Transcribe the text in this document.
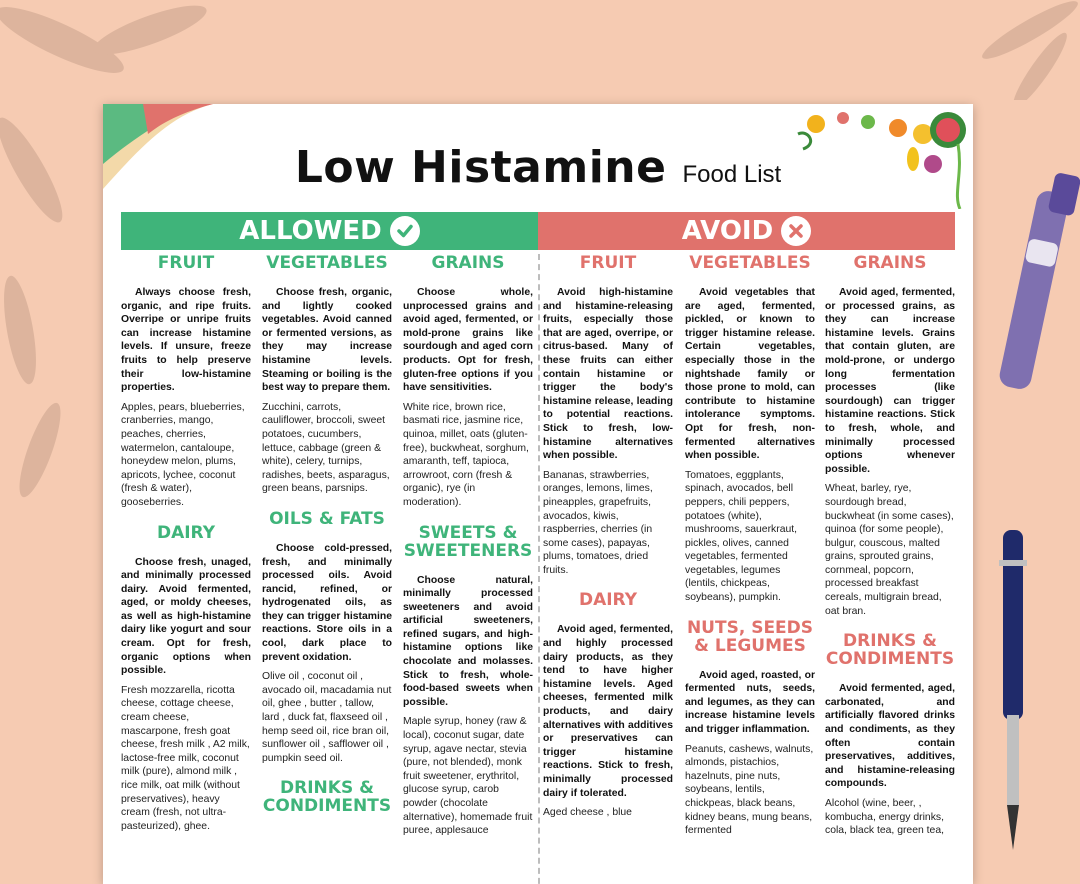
Low Histamine Food List
ALLOWED	AVOID
FRUIT

Always choose fresh, organic, and ripe fruits. Overripe or unripe fruits can increase histamine levels. If unsure, freeze fruits to help preserve their low-histamine properties.

Apples, pears, blueberries, cranberries, mango, peaches, cherries, watermelon, cantaloupe, honeydew melon, plums, apricots, lychee, coconut (fresh & water), gooseberries.

DAIRY

Choose fresh, unaged, and minimally processed dairy. Avoid fermented, aged, or moldy cheeses, as well as high-histamine dairy like yogurt and sour cream. Opt for fresh, organic options when possible.

Fresh mozzarella, ricotta cheese, cottage cheese, cream cheese, mascarpone, fresh goat cheese, fresh milk , A2 milk, lactose-free milk, coconut milk (pure), almond milk , rice milk, oat milk (without preservatives), heavy cream (fresh, not ultra-pasteurized), ghee.

VEGETABLES

Choose fresh, organic, and lightly cooked vegetables. Avoid canned or fermented versions, as they may increase histamine levels. Steaming or boiling is the best way to prepare them.

Zucchini, carrots, cauliflower, broccoli, sweet potatoes, cucumbers, lettuce, cabbage (green & white), celery, turnips, radishes, beets, asparagus, green beans, parsnips.

OILS & FATS

Choose cold-pressed, fresh, and minimally processed oils. Avoid rancid, refined, or hydrogenated oils, as they can trigger histamine reactions. Store oils in a cool, dark place to prevent oxidation.

Olive oil , coconut oil , avocado oil, macadamia nut oil, ghee , butter , tallow, lard , duck fat, flaxseed oil , hemp seed oil, rice bran oil, sunflower oil , safflower oil , pumpkin seed oil.

DRINKS & CONDIMENTS
GRAINS

Choose whole, unprocessed grains and avoid aged, fermented, or mold-prone grains like sourdough and aged corn products. Opt for fresh, gluten-free options if you have sensitivities.

White rice, brown rice, basmati rice, jasmine rice, quinoa, millet, oats (gluten-free), buckwheat, sorghum, amaranth, teff, tapioca, arrowroot, corn (fresh & organic), rye (in moderation).

SWEETS & SWEETENERS

Choose natural, minimally processed sweeteners and avoid artificial sweeteners, refined sugars, and high-histamine options like chocolate and molasses. Stick to fresh, whole-food-based sweets when possible.

Maple syrup, honey (raw & local), coconut sugar, date syrup, agave nectar, stevia (pure, not blended), monk fruit sweetener, erythritol, glucose syrup, carob powder (chocolate alternative), homemade fruit puree, applesauce

FRUIT

Avoid high-histamine and histamine-releasing fruits, especially those that are aged, overripe, or citrus-based. Many of these fruits can either contain histamine or trigger the body's histamine release, leading to potential reactions. Stick to fresh, low-histamine alternatives when possible.

Bananas, strawberries, oranges, lemons, limes, pineapples, grapefruits, avocados, kiwis, raspberries, cherries (in some cases), papayas, plums, tomatoes, dried fruits.

DAIRY

Avoid aged, fermented, and highly processed dairy products, as they tend to have higher histamine levels. Aged cheeses, fermented milk products, and dairy alternatives with additives or preservatives can trigger histamine reactions. Stick to fresh, minimally processed dairy if tolerated.

Aged cheese , blue

VEGETABLES

Avoid vegetables that are aged, fermented, pickled, or known to trigger histamine release. Certain vegetables, especially those in the nightshade family or those prone to mold, can contribute to histamine intolerance symptoms. Opt for fresh, non-fermented alternatives when possible.

Tomatoes, eggplants, spinach, avocados, bell peppers, chili peppers, potatoes (white), mushrooms, sauerkraut, pickles, olives, canned vegetables, fermented vegetables, legumes (lentils, chickpeas, soybeans), pumpkin.

NUTS, SEEDS & LEGUMES

Avoid aged, roasted, or fermented nuts, seeds, and legumes, as they can increase histamine levels and trigger inflammation.

Peanuts, cashews, walnuts, almonds, pistachios, hazelnuts, pine nuts, soybeans, lentils, chickpeas, black beans, kidney beans, mung beans, fermented

GRAINS

Avoid aged, fermented, or processed grains, as they can increase histamine levels. Grains that contain gluten, are mold-prone, or undergo long fermentation processes (like sourdough) can trigger histamine reactions. Stick to fresh, whole, and minimally processed options whenever possible.

Wheat, barley, rye, sourdough bread, buckwheat (in some cases), quinoa (for some people), bulgur, couscous, malted grains, sprouted grains, cornmeal, popcorn, processed breakfast cereals, multigrain bread, oat bran.

DRINKS & CONDIMENTS

Avoid fermented, aged, carbonated, and artificially flavored drinks and condiments, as they often contain preservatives, additives, and histamine-releasing compounds.

Alcohol (wine, beer, , kombucha, energy drinks, cola, black tea, green tea,
